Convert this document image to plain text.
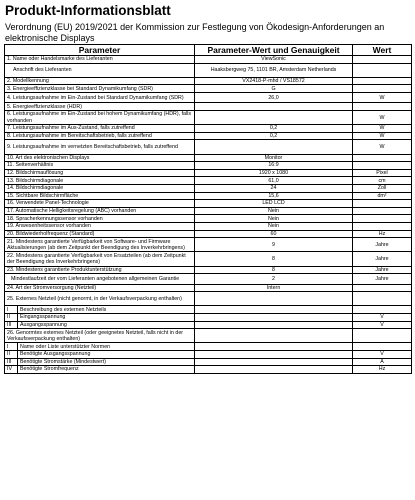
Produkt-Informationsblatt
Verordnung (EU) 2019/2021 der Kommission zur Festlegung von Ökodesign-Anforderungen an elektronische Displays
Parameter		Parameter-Wert und Genauigkeit	Wert
1. Name oder Handelsmarke des Lieferanten		ViewSonic	
Anschrift des Lieferanten		Haaksbergweg 75, 1101 BR, Amsterdam Netherlands	
2. Modellkennung		VX2418-P-mhd / VS18572	
3. Energieeffizienzklasse bei Standard Dynamikumfang (SDR)		G	
4. Leistungsaufnahme im Ein-Zustand bei Standard Dynamikumfang (SDR)		26,0	W
5. Energieeffizienzklasse (HDR)			
6. Leistungsaufnahme im Ein-Zustand bei hohem Dynamikumfang (HDR), falls vorhanden			W
7. Leistungsaufnahme im Aus-Zustand, falls zutreffend		0,2	W
8. Leistungsaufnahme im Bereitschaftsbetrieb, falls zutreffend		0,2	W
9. Leistungsaufnahme im vernetzten Bereitschaftsbetrieb, falls zutreffend			W
10. Art des elektronischen Displays		Monitor	
11. Seitenverhältnis		16:9	
12. Bildschirmauflösung		1920 x 1080	Pixel
13. Bildschirmdiagonale		61,0	cm
14. Bildschirmdiagonale		24	Zoll
15. Sichtbare Bildschirmfläche		15,6	dm²
16. Verwendete Panel-Technologie		LED LCD	
17. Automatische Helligkeitsregelung (ABC) vorhanden		Nein	
18. Spracherkennungssensor vorhanden		Nein	
19. Anwesenheitssensor vorhanden		Nein	
20. Bildwiederholfrequenz (Standard)		60	Hz
21. Mindestens garantierte Verfügbarkeit von Software- und Firmware Aktualisierungen (ab dem Zeitpunkt der Beendigung des Inverkehrbringens)		9	Jahre
22. Mindestens garantierte Verfügbarkeit von Ersatzteilen (ab dem Zeitpunkt der Beendigung des Inverkehrbringens)		8	Jahre
23. Mindestens garantierte Produktunterstützung		8	Jahre
Mindestlaufzeit der vom Lieferanten angebotenen allgemeinen Garantie		2	Jahre
24. Art der Stromversorgung (Netzteil)		Intern	
25. Externes Netzteil (nicht genormt, in der Verkaufsverpackung enthalten)			
I	Beschreibung des externen Netzteils		
II	Eingangsspannung		V
III	Ausgangsspannung		V
26. Genormtes externes Netzteil (oder geeignetes Netzteil, falls nicht in der Verkaufsverpackung enthalten)			
I	Name oder Liste unterstützter Normen		
II	Benötigte Ausgangsspannung		V
III	Benötigte Stromstärke (Mindestwert)		A
IV	Benötigte Stromfrequenz		Hz
